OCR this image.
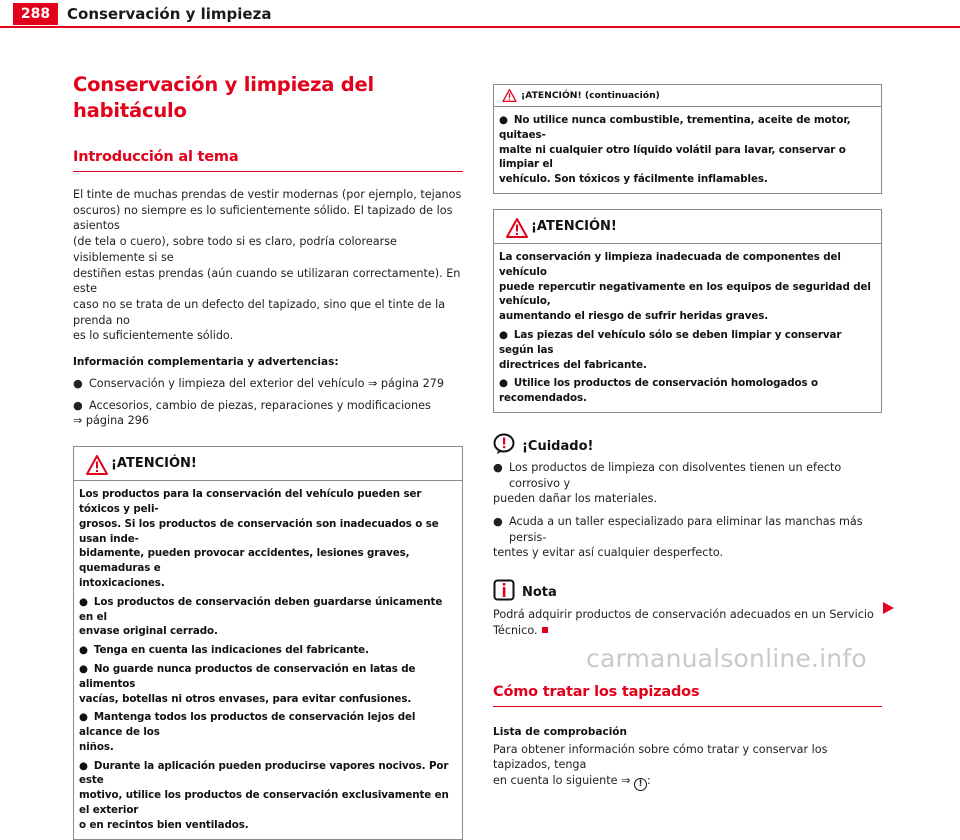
288	Conservación y limpieza
Conservación y limpieza del habitáculo
Introducción al tema
El tinte de muchas prendas de vestir modernas (por ejemplo, tejanos
oscuros) no siempre es lo suficientemente sólido. El tapizado de los asientos
(de tela o cuero), sobre todo si es claro, podría colorearse visiblemente si se
destiñen estas prendas (aún cuando se utilizaran correctamente). En este
caso no se trata de un defecto del tapizado, sino que el tinte de la prenda no
es lo suficientemente sólido.
Información complementaria y advertencias:
● Conservación y limpieza del exterior del vehículo ⇒ página 279
● Accesorios, cambio de piezas, reparaciones y modificaciones
⇒ página 296
¡ATENCIÓN!

Los productos para la conservación del vehículo pueden ser tóxicos y peli-
grosos. Si los productos de conservación son inadecuados o se usan inde-
bidamente, pueden provocar accidentes, lesiones graves, quemaduras e
intoxicaciones.

● Los productos de conservación deben guardarse únicamente en el
envase original cerrado.

● Tenga en cuenta las indicaciones del fabricante.

● No guarde nunca productos de conservación en latas de alimentos
vacías, botellas ni otros envases, para evitar confusiones.

● Mantenga todos los productos de conservación lejos del alcance de los
niños.

● Durante la aplicación pueden producirse vapores nocivos. Por este
motivo, utilice los productos de conservación exclusivamente en el exterior
o en recintos bien ventilados.

¡ATENCIÓN! (continuación)

● No utilice nunca combustible, trementina, aceite de motor, quitaes-
malte ni cualquier otro líquido volátil para lavar, conservar o limpiar el
vehículo. Son tóxicos y fácilmente inflamables.

¡ATENCIÓN!

La conservación y limpieza inadecuada de componentes del vehículo
puede repercutir negativamente en los equipos de seguridad del vehículo,
aumentando el riesgo de sufrir heridas graves.

● Las piezas del vehículo sólo se deben limpiar y conservar según las
directrices del fabricante.

● Utilice los productos de conservación homologados o recomendados.

¡Cuidado!
● Los productos de limpieza con disolventes tienen un efecto corrosivo y
pueden dañar los materiales.
● Acuda a un taller especializado para eliminar las manchas más persis-
tentes y evitar así cualquier desperfecto.
Nota
Podrá adquirir productos de conservación adecuados en un Servicio
Técnico.
Cómo tratar los tapizados
Lista de comprobación
Para obtener información sobre cómo tratar y conservar los tapizados, tenga
en cuenta lo siguiente ⇒ ! :
carmanualsonline.info
